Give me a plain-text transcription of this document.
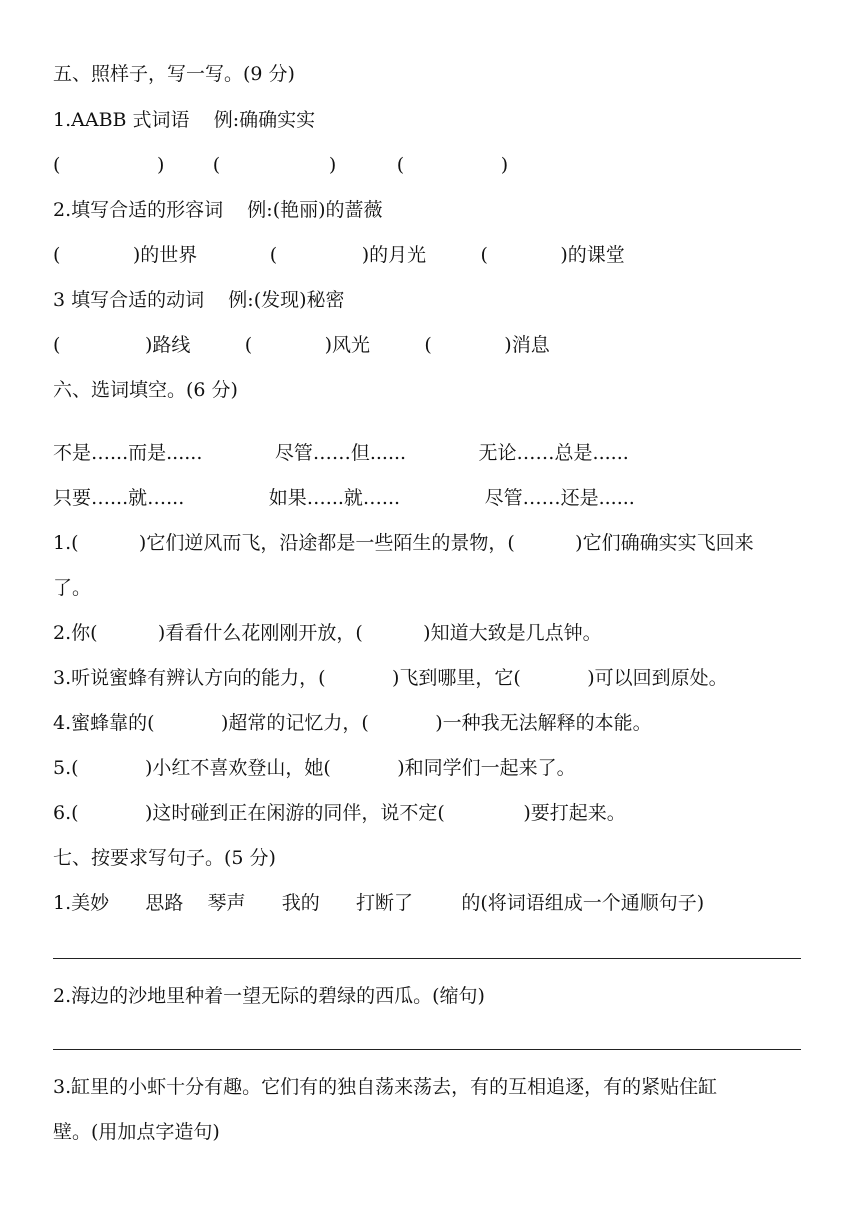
五、照样子，写一写。(9 分)
1.AABB 式词语    例:确确实实
(                )        (                  )          (                )
2.填写合适的形容词    例:(艳丽)的蔷薇
(            )的世界            (              )的月光         (            )的课堂
3 填写合适的动词    例:(发现)秘密
(              )路线         (            )风光         (            )消息
六、选词填空。(6 分)
不是…...而是......            尽管……但......            无论……总是......
只要…...就…...              如果…...就…...              尽管……还是......
1.(          )它们逆风而飞，沿途都是一些陌生的景物，(          )它们确确实实飞回来
了。
2.你(          )看看什么花刚刚开放，(          )知道大致是几点钟。
3.听说蜜蜂有辨认方向的能力，(           )飞到哪里，它(           )可以回到原处。
4.蜜蜂靠的(           )超常的记忆力，(           )一种我无法解释的本能。
5.(           )小红不喜欢登山，她(           )和同学们一起来了。
6.(           )这时碰到正在闲游的同伴，说不定(             )要打起来。
七、按要求写句子。(5 分)
1.美妙      思路    琴声      我的      打断了        的(将词语组成一个通顺句子)
2.海边的沙地里种着一望无际的碧绿的西瓜。(缩句)
3.缸里的小虾十分有趣。它们有的独自荡来荡去，有的互相追逐，有的紧贴住缸
壁。(用加点字造句)
